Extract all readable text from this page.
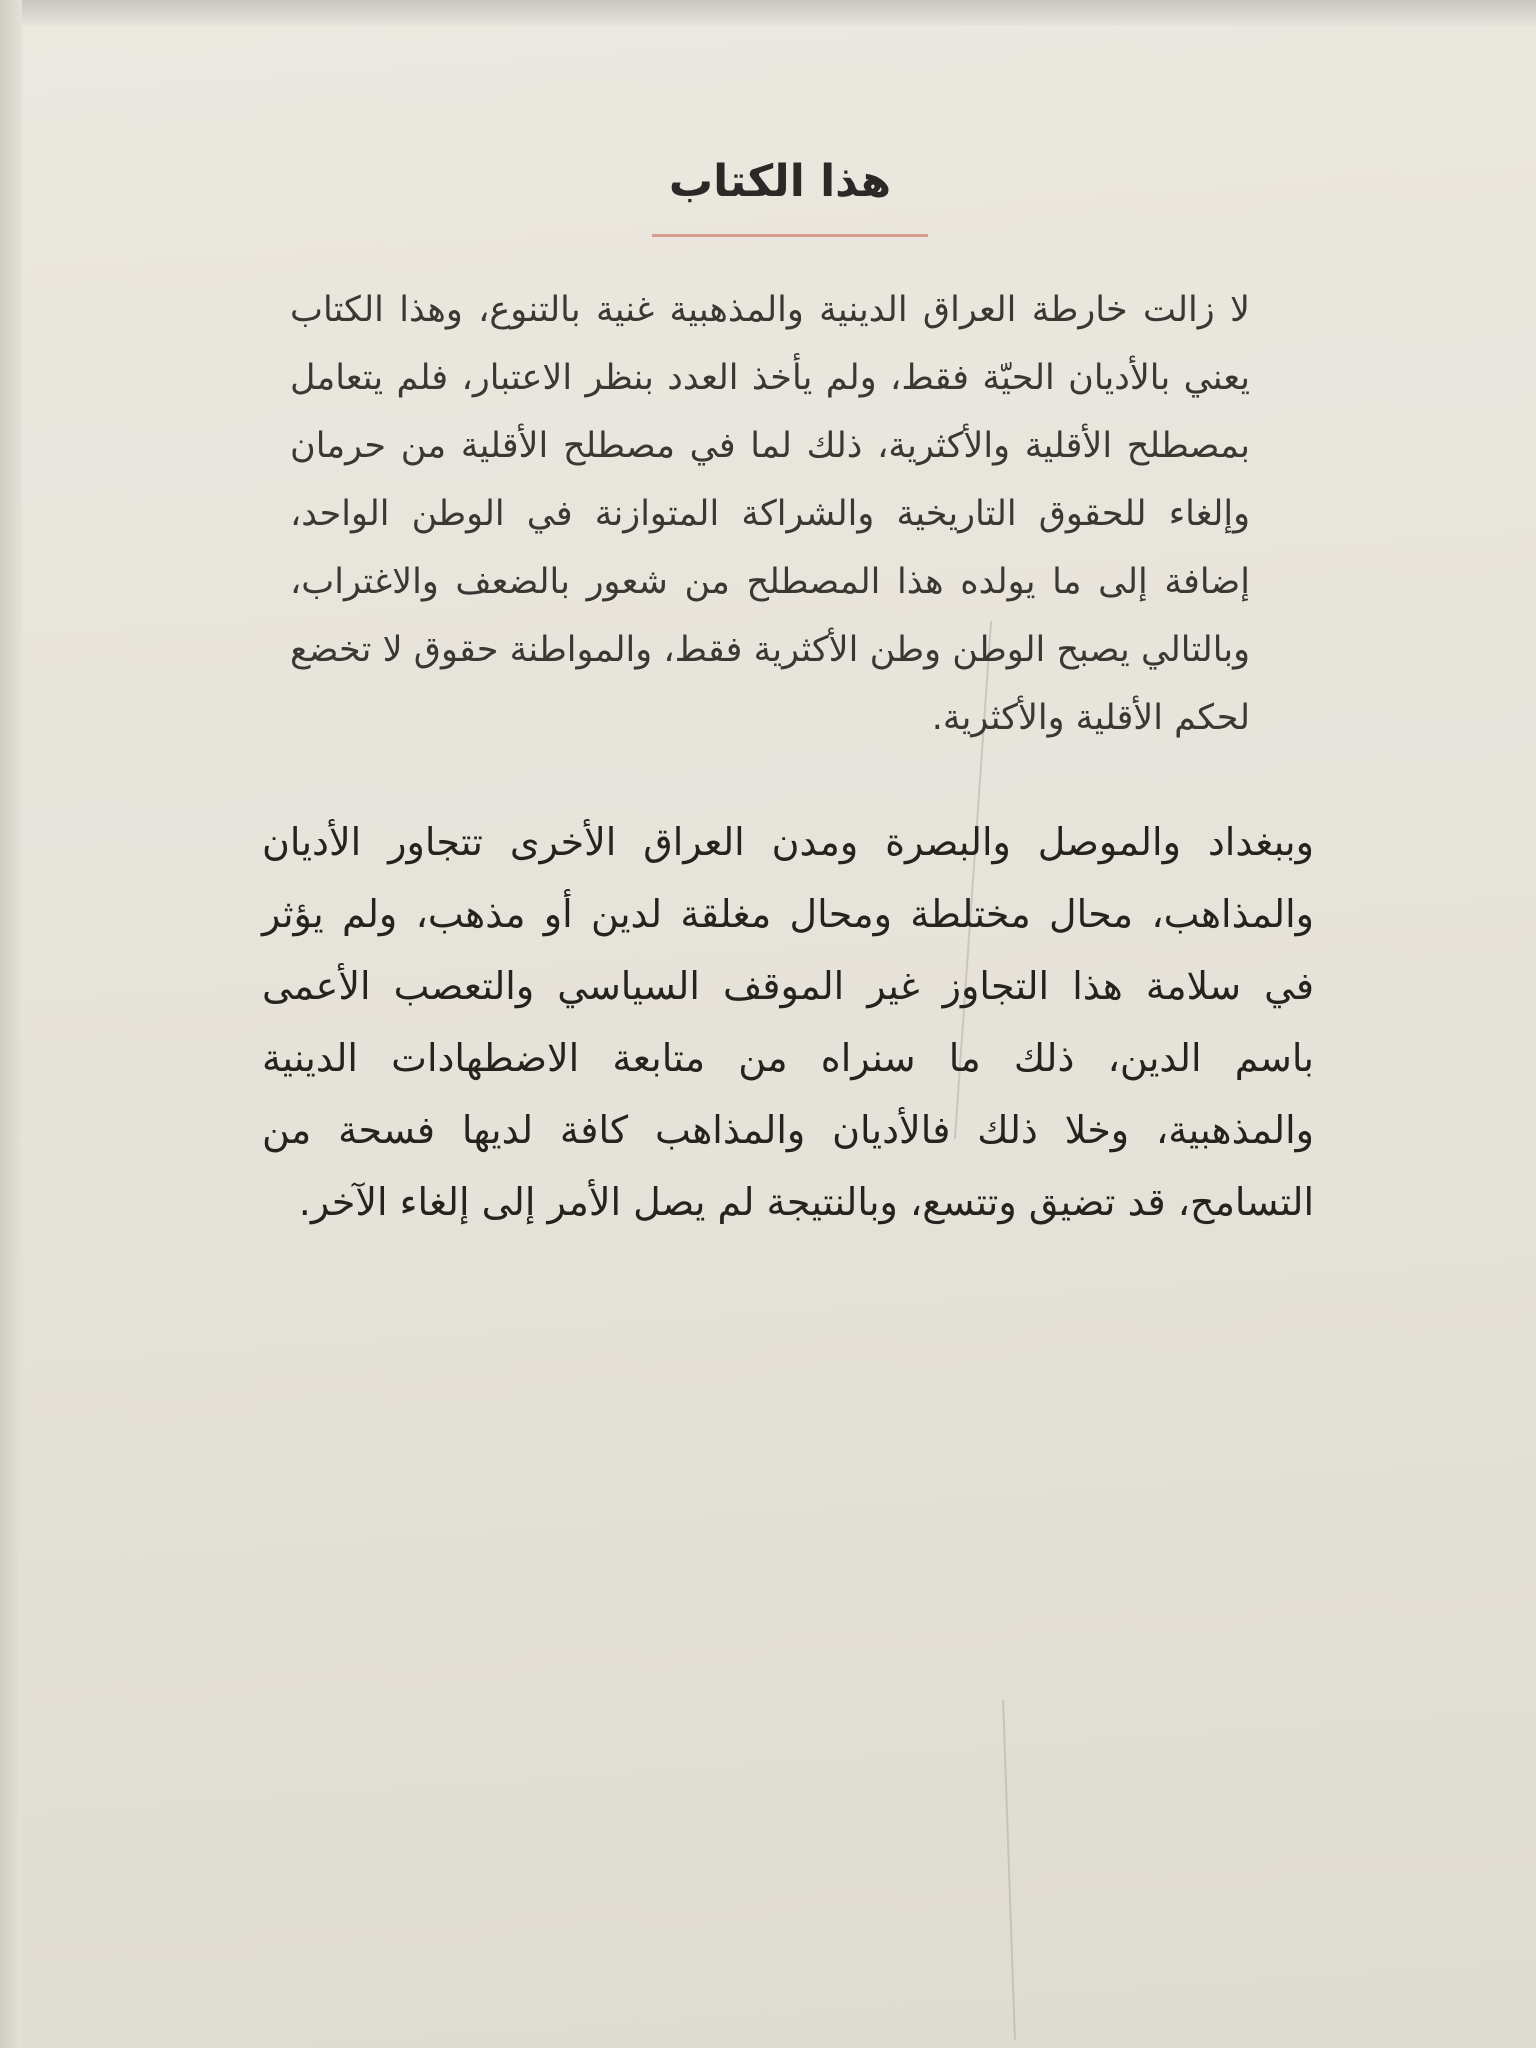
هذا الكتاب

لا زالت خارطة العراق الدينية والمذهبية غنية بالتنوع، وهذا الكتاب يعني بالأديان الحيّة فقط، ولم يأخذ العدد بنظر الاعتبار، فلم يتعامل بمصطلح الأقلية والأكثرية، ذلك لما في مصطلح الأقلية من حرمان وإلغاء للحقوق التاريخية والشراكة المتوازنة في الوطن الواحد، إضافة إلى ما يولده هذا المصطلح من شعور بالضعف والاغتراب، وبالتالي يصبح الوطن وطن الأكثرية فقط، والمواطنة حقوق لا تخضع لحكم الأقلية والأكثرية.

وببغداد والموصل والبصرة ومدن العراق الأخرى تتجاور الأديان والمذاهب، محال مختلطة ومحال مغلقة لدين أو مذهب، ولم يؤثر في سلامة هذا التجاوز غير الموقف السياسي والتعصب الأعمى باسم الدين، ذلك ما سنراه من متابعة الاضطهادات الدينية والمذهبية، وخلا ذلك فالأديان والمذاهب كافة لديها فسحة من التسامح، قد تضيق وتتسع، وبالنتيجة لم يصل الأمر إلى إلغاء الآخر.
